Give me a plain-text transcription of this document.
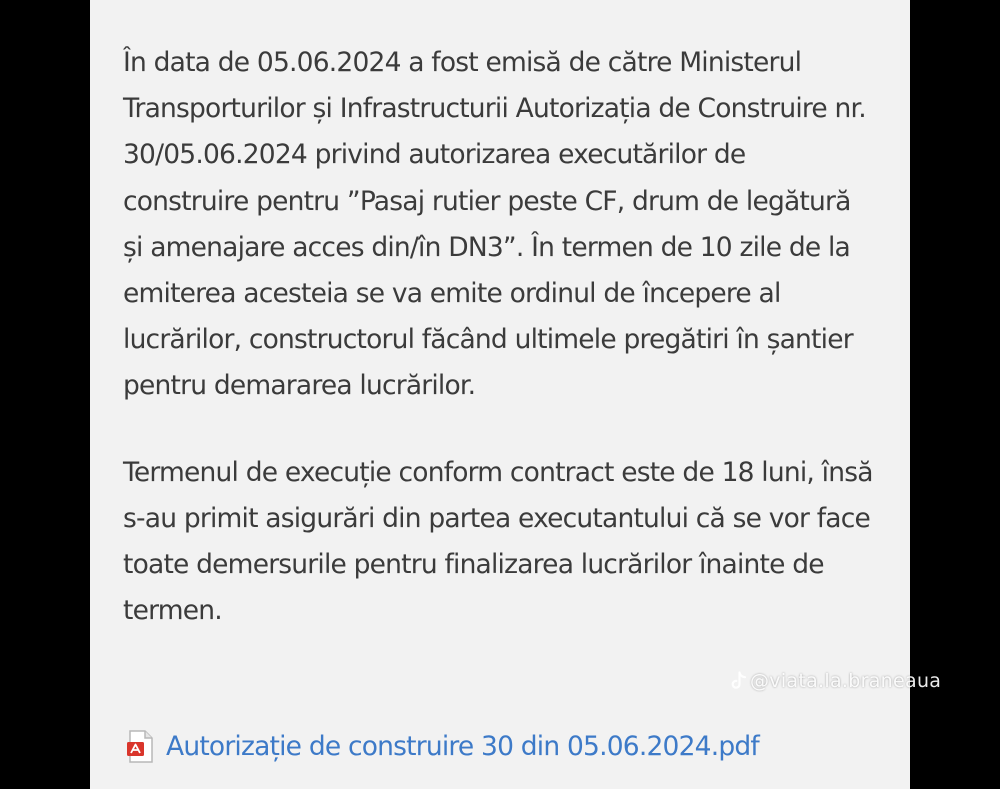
În data de 05.06.2024 a fost emisă de către Ministerul Transporturilor și Infrastructurii Autorizația de Construire nr. 30/05.06.2024 privind autorizarea executărilor de construire pentru ”Pasaj rutier peste CF, drum de legătură și amenajare acces din/în DN3”. În termen de 10 zile de la emiterea acesteia se va emite ordinul de începere al lucrărilor, constructorul făcând ultimele pregătiri în șantier pentru demararea lucrărilor.

Termenul de execuție conform contract este de 18 luni, însă s-au primit asigurări din partea executantului că se vor face toate demersurile pentru finalizarea lucrărilor înainte de termen.

Autorizație de construire 30 din 05.06.2024.pdf
@viata.la.braneaua
